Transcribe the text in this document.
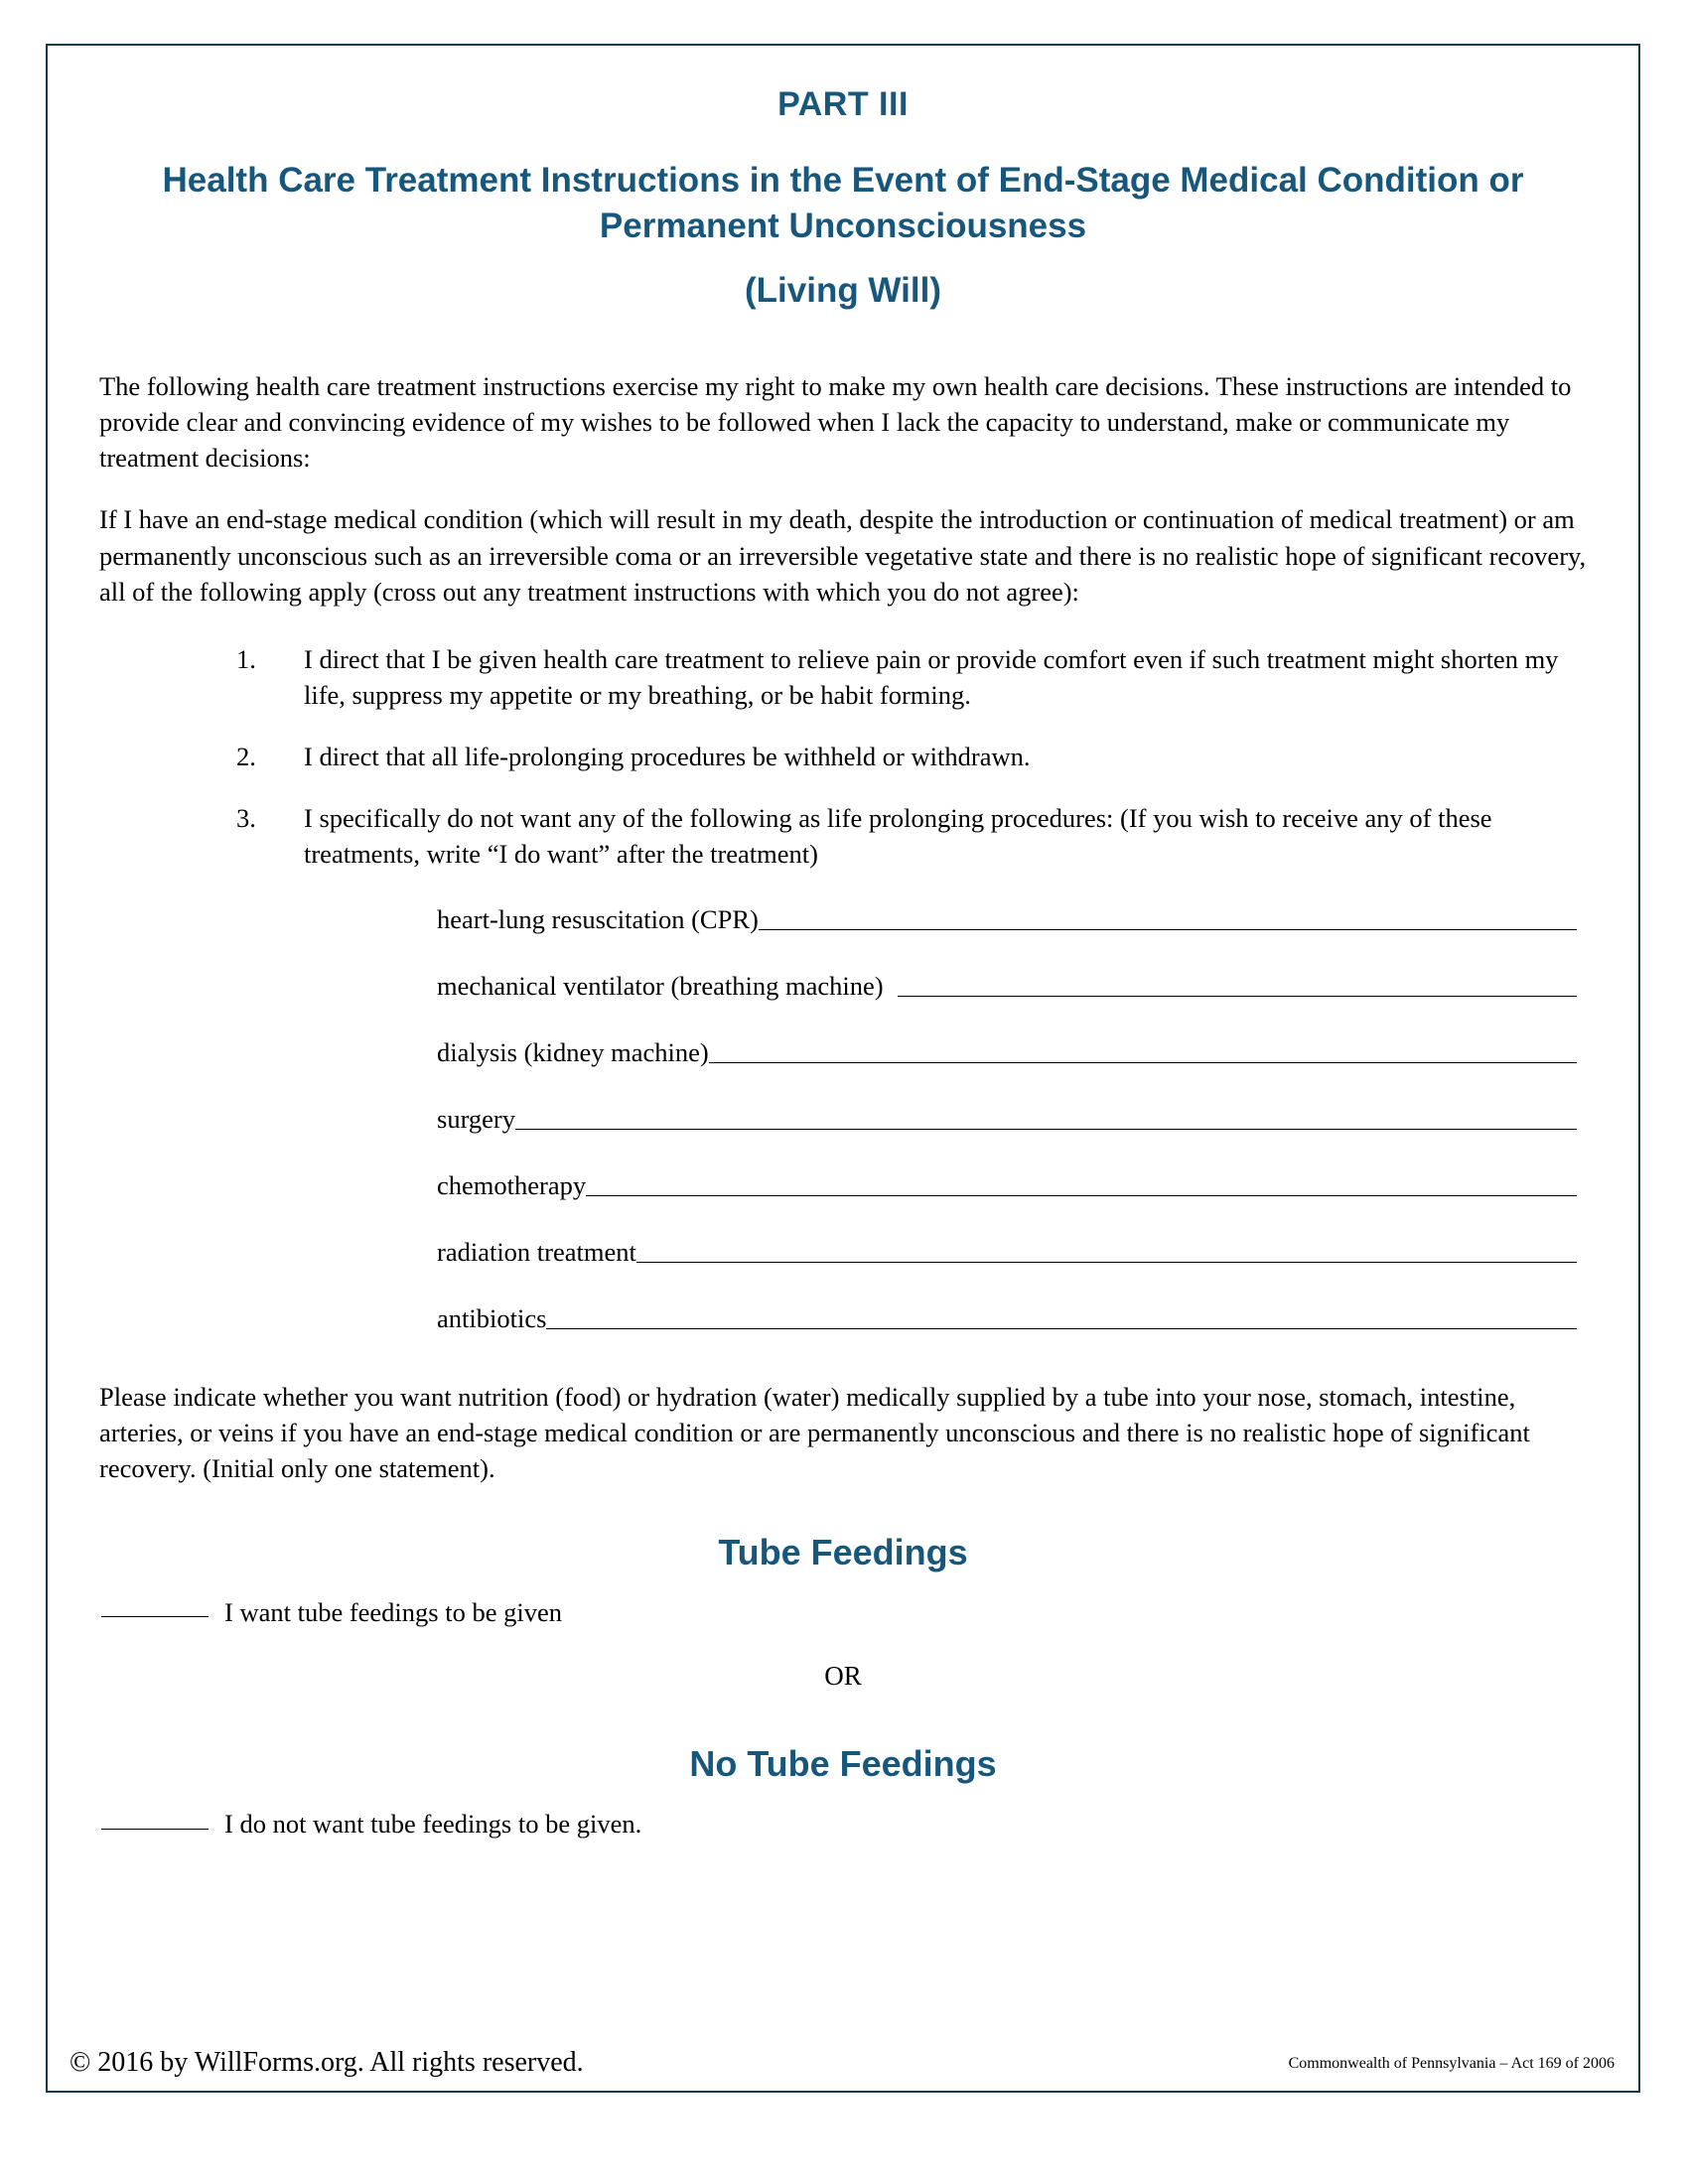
PART III
Health Care Treatment Instructions in the Event of End-Stage Medical Condition or Permanent Unconsciousness
(Living Will)

The following health care treatment instructions exercise my right to make my own health care decisions. These instructions are intended to provide clear and convincing evidence of my wishes to be followed when I lack the capacity to understand, make or communicate my treatment decisions:

If I have an end-stage medical condition (which will result in my death, despite the introduction or continuation of medical treatment) or am permanently unconscious such as an irreversible coma or an irreversible vegetative state and there is no realistic hope of significant recovery, all of the following apply (cross out any treatment instructions with which you do not agree):

1.	I direct that I be given health care treatment to relieve pain or provide comfort even if such treatment might shorten my life, suppress my appetite or my breathing, or be habit forming.
2.	I direct that all life-prolonging procedures be withheld or withdrawn.
3.	I specifically do not want any of the following as life prolonging procedures: (If you wish to receive any of these treatments, write “I do want” after the treatment)
heart-lung resuscitation (CPR)
mechanical ventilator (breathing machine)
dialysis (kidney machine)
surgery
chemotherapy
radiation treatment
antibiotics

Please indicate whether you want nutrition (food) or hydration (water) medically supplied by a tube into your nose, stomach, intestine, arteries, or veins if you have an end-stage medical condition or are permanently unconscious and there is no realistic hope of significant recovery. (Initial only one statement).

Tube Feedings
I want tube feedings to be given
OR
No Tube Feedings
I do not want tube feedings to be given.
© 2016 by WillForms.org. All rights reserved.	Commonwealth of Pennsylvania – Act 169 of 2006
